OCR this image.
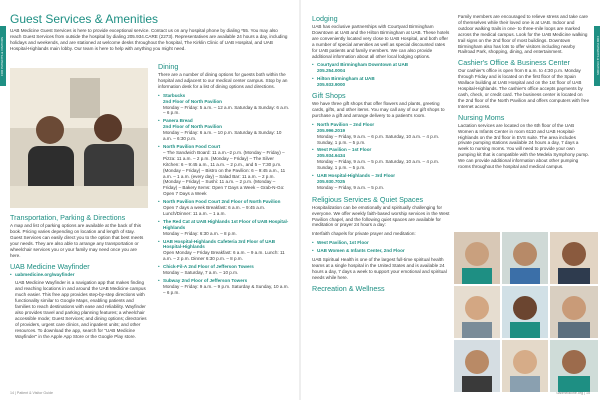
FOR PATIENTS & VISITORS	FOR PATIENTS & VISITORS
Guest Services & Amenities

UAB Medicine Guest Services is here to provide exceptional service. Contact us on any hospital phone by dialing *55. You may also reach Guest Services from outside the hospital by dialing 205.934.CARE (2273). Representatives are available 24 hours a day, including holidays and weekends, and are stationed at welcome desks throughout the hospital, The Kirklin Clinic of UAB Hospital, and UAB Hospital-Highlands main lobby. Our team is here to help with anything you might need.

Transportation, Parking & Directions

A map and list of parking options are available at the back of this book. Pricing varies depending on location and length of stay. Guest Services can easily direct you to the option that best meets your needs. They are also able to arrange any transportation or wheelchair services you or your family may need once you are here.

UAB Medicine Wayfinder
• uabmedicine.org/wayfinder

UAB Medicine Wayfinder is a navigation app that makes finding and reaching locations in and around the UAB Medicine campus much easier. This free app provides step-by-step directions with functionality similar to Google Maps, enabling patients and families to reach destinations with ease and reliability. Wayfinder also provides travel and parking planning features; a wheelchair accessible mode; Guest Services; and dining options; directories of providers, urgent care clinics, and inpatient units; and other resources. To download the app, search for "UAB Medicine Wayfinder" in the Apple App Store or the Google Play store.

Dining

There are a number of dining options for guests both within the hospital and adjacent to our medical center campus. Stop by an information desk for a list of dining options and directions.

• Starbucks
2nd Floor of North Pavilion
Monday – Friday: 5 a.m. – 12 a.m. Saturday & Sunday: 6 a.m. – 6 p.m.
• Panera Bread
2nd Floor of North Pavilion
Monday – Friday: 6 a.m. – 10 p.m. Saturday & Sunday: 10 a.m. – 6:30 p.m.
• North Pavilion Food Court
– The Sandwich Board: 11 a.m.–2 p.m. (Monday – Friday) – Pizza: 11 a.m. – 2 p.m. (Monday – Friday) – The Silver Kitchen: 6 – 9:45 a.m., 11 a.m. – 2 p.m., and 5 – 7:30 p.m. (Monday – Friday) – Bistro on the Pavilion: 6 – 9:45 a.m., 11 a.m. – 1 a.m. (every day) – Salad Bar: 11 a.m. – 2 p.m. (Monday – Friday) – Sushi: 11 a.m. – 2 p.m. (Monday – Friday) – Bakery Items: Open 7 Days a Week – Grab-N-Go: Open 7 Days a Week
• North Pavilion Food Court 2nd Floor of North Pavilion
Open 7 days a week Breakfast: 6 a.m. – 9:45 a.m. Lunch/Dinner: 11 a.m. – 1 a.m.
• The Red Cat at UAB Highlands 1st Floor of UAB Hospital-Highlands
Monday – Friday: 6:30 a.m. – 8 p.m.
• UAB Hospital-Highlands Cafeteria 3rd Floor of UAB Hospital-Highlands
Open Monday – Friday Breakfast: 6 a.m. – 9 a.m. Lunch: 11 a.m. – 2 p.m. Dinner 6:30 p.m. – 8 p.m.
• Chick-Fil-A 2nd Floor of Jefferson Towers
Monday – Saturday, 7 a.m. – 10 p.m.
• Subway 2nd Floor of Jefferson Towers
Monday – Friday: 9 a.m. – 9 p.m. Saturday & Sunday, 10 a.m. – 6 p.m.
Lodging

UAB has exclusive partnerships with Courtyard Birmingham Downtown at UAB and the Hilton Birmingham at UAB. These hotels are conveniently located very close to UAB Hospital, and both offer a number of special amenities as well as special discounted rates for UAB patients and family members. We can also provide additional information about all other local lodging options.

• Courtyard Birmingham Downtown at UAB
205.254.0004
• Hilton Birmingham at UAB
205.933.9000
Gift Shops

We have three gift shops that offer flowers and plants, greeting cards, gifts, and other items. You may call any of our gift shops to purchase a gift and arrange delivery to a patient's room.

• North Pavilion – 2nd Floor
205.996.2019
Monday – Friday, 9 a.m. – 6 p.m. Saturday, 10 a.m. – 4 p.m. Sunday, 1 p.m. – 5 p.m.
• West Pavilion – 1st Floor
205.934.6434
Monday – Friday, 9 a.m. – 5 p.m. Saturday, 10 a.m. – 4 p.m. Sunday, 1 p.m. – 5 p.m.
• UAB Hospital-Highlands – 3rd Floor
205.930.7025
Monday – Friday, 9 a.m. – 5 p.m.
Religious Services & Quiet Spaces

Hospitalization can be emotionally and spiritually challenging for everyone. We offer weekly faith-based worship services in the West Pavilion chapel, and the following quiet spaces are available for meditation or prayer 24 hours a day:

Interfaith chapels for private prayer and meditation:

• West Pavilion, 1st Floor
• UAB Women & Infants Center, 2nd Floor

UAB Spiritual Health is one of the largest full-time spiritual health teams at a single hospital in the United States and is available 24 hours a day, 7 days a week to support your emotional and spiritual needs while here.

Recreation & Wellness

Family members are encouraged to relieve stress and take care of themselves while their loved one is at UAB. Indoor and outdoor walking trails in one- to three-mile loops are marked across the medical campus. Look for the UAB Medicine walking trail signs on the 2nd floor of most buildings. Downtown Birmingham also has lots to offer visitors including nearby Railroad Park, shopping, dining, and entertainment.

Cashier's Office & Business Center

Our cashier's office is open from 8 a.m. to 4:30 p.m. Monday through Friday and is located on the first floor of the Spain Wallace building at UAB Hospital and on the 1st floor of UAB Hospital-Highlands. The cashier's office accepts payments by cash, check, or credit card. The business center is located on the 2nd floor of the North Pavilion and offers computers with free Internet access.

Nursing Moms

Lactation services are located on the 6th floor of the UAB Women & Infants Center in room 6110 and UAB Hospital-Highlands on the 3rd floor in EVS suite. The area includes private pumping stations available 24 hours a day, 7 days a week to nursing moms. You will need to provide your own pumping kit that is compatible with the Medela Symphony pump. We can provide additional information about other pumping rooms throughout the hospital and medical campus.

14 | Patient & Visitor Guide	uabmedicine.org | 15
